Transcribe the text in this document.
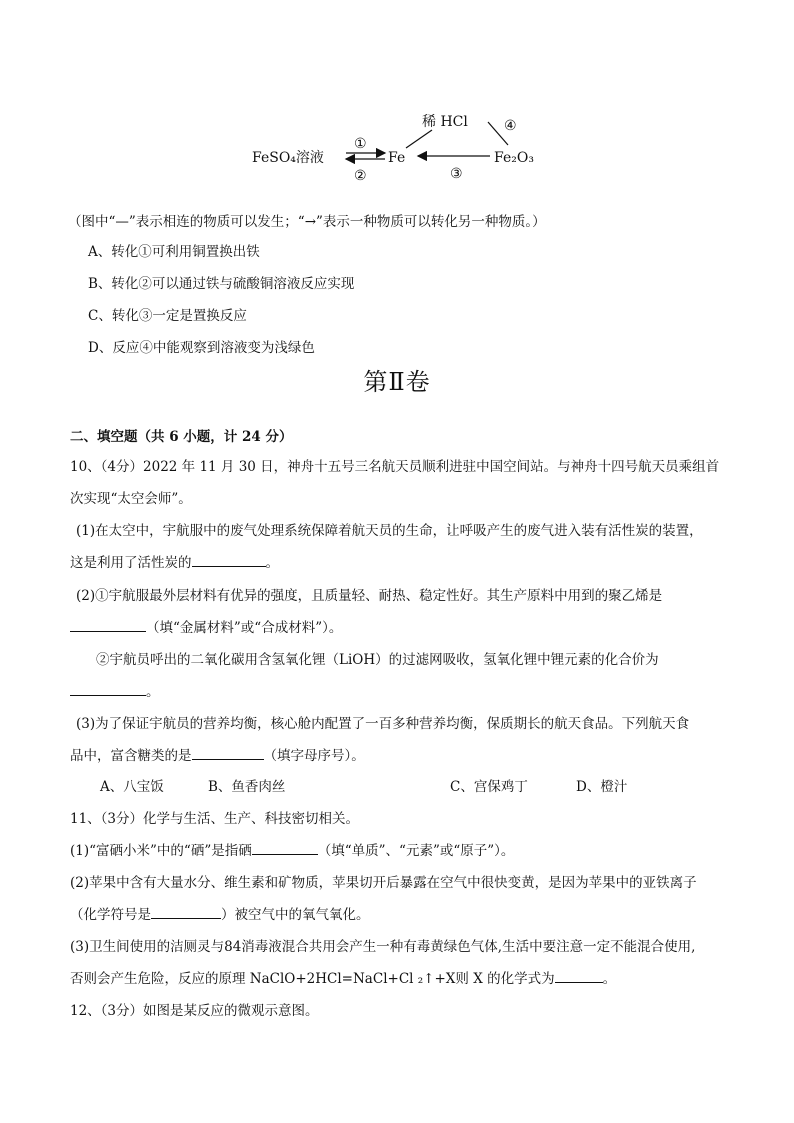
FeSO₄溶液	Fe	Fe₂O₃
稀 HCl
①
②	③
④
（图中“—”表示相连的物质可以发生；“→”表示一种物质可以转化另一种物质。）
A、转化①可利用铜置换出铁
B、转化②可以通过铁与硫酸铜溶液反应实现
C、转化③一定是置换反应
D、反应④中能观察到溶液变为浅绿色
第Ⅱ卷
二、填空题（共 6 小题，计 24 分）
10、（4分）2022 年 11 月 30 日，神舟十五号三名航天员顺利进驻中国空间站。与神舟十四号航天员乘组首
次实现“太空会师”。
(1)在太空中，宇航服中的废气处理系统保障着航天员的生命，让呼吸产生的废气进入装有活性炭的装置，
这是利用了活性炭的	。
(2)①宇航服最外层材料有优异的强度，且质量轻、耐热、稳定性好。其生产原料中用到的聚乙烯是
（填“金属材料”或“合成材料”）。
②宇航员呼出的二氧化碳用含氢氧化锂（LiOH）的过滤网吸收，氢氧化锂中锂元素的化合价为
。
(3)为了保证宇航员的营养均衡，核心舱内配置了一百多种营养均衡，保质期长的航天食品。下列航天食
品中，富含糖类的是	（填字母序号）。
A、八宝饭	B、鱼香肉丝	C、宫保鸡丁	D、橙汁
11、（3分）化学与生活、生产、科技密切相关。
(1)“富硒小米”中的“硒”是指硒	（填“单质”、“元素”或“原子”）。
(2)苹果中含有大量水分、维生素和矿物质，苹果切开后暴露在空气中很快变黄，是因为苹果中的亚铁离子
（化学符号是	）被空气中的氧气氧化。
(3)卫生间使用的洁厕灵与84消毒液混合共用会产生一种有毒黄绿色气体,生活中要注意一定不能混合使用,
否则会产生危险，反应的原理 NaClO+2HCl=NaCl+Cl ₂↑+X则 X 的化学式为	。
12、（3分）如图是某反应的微观示意图。
